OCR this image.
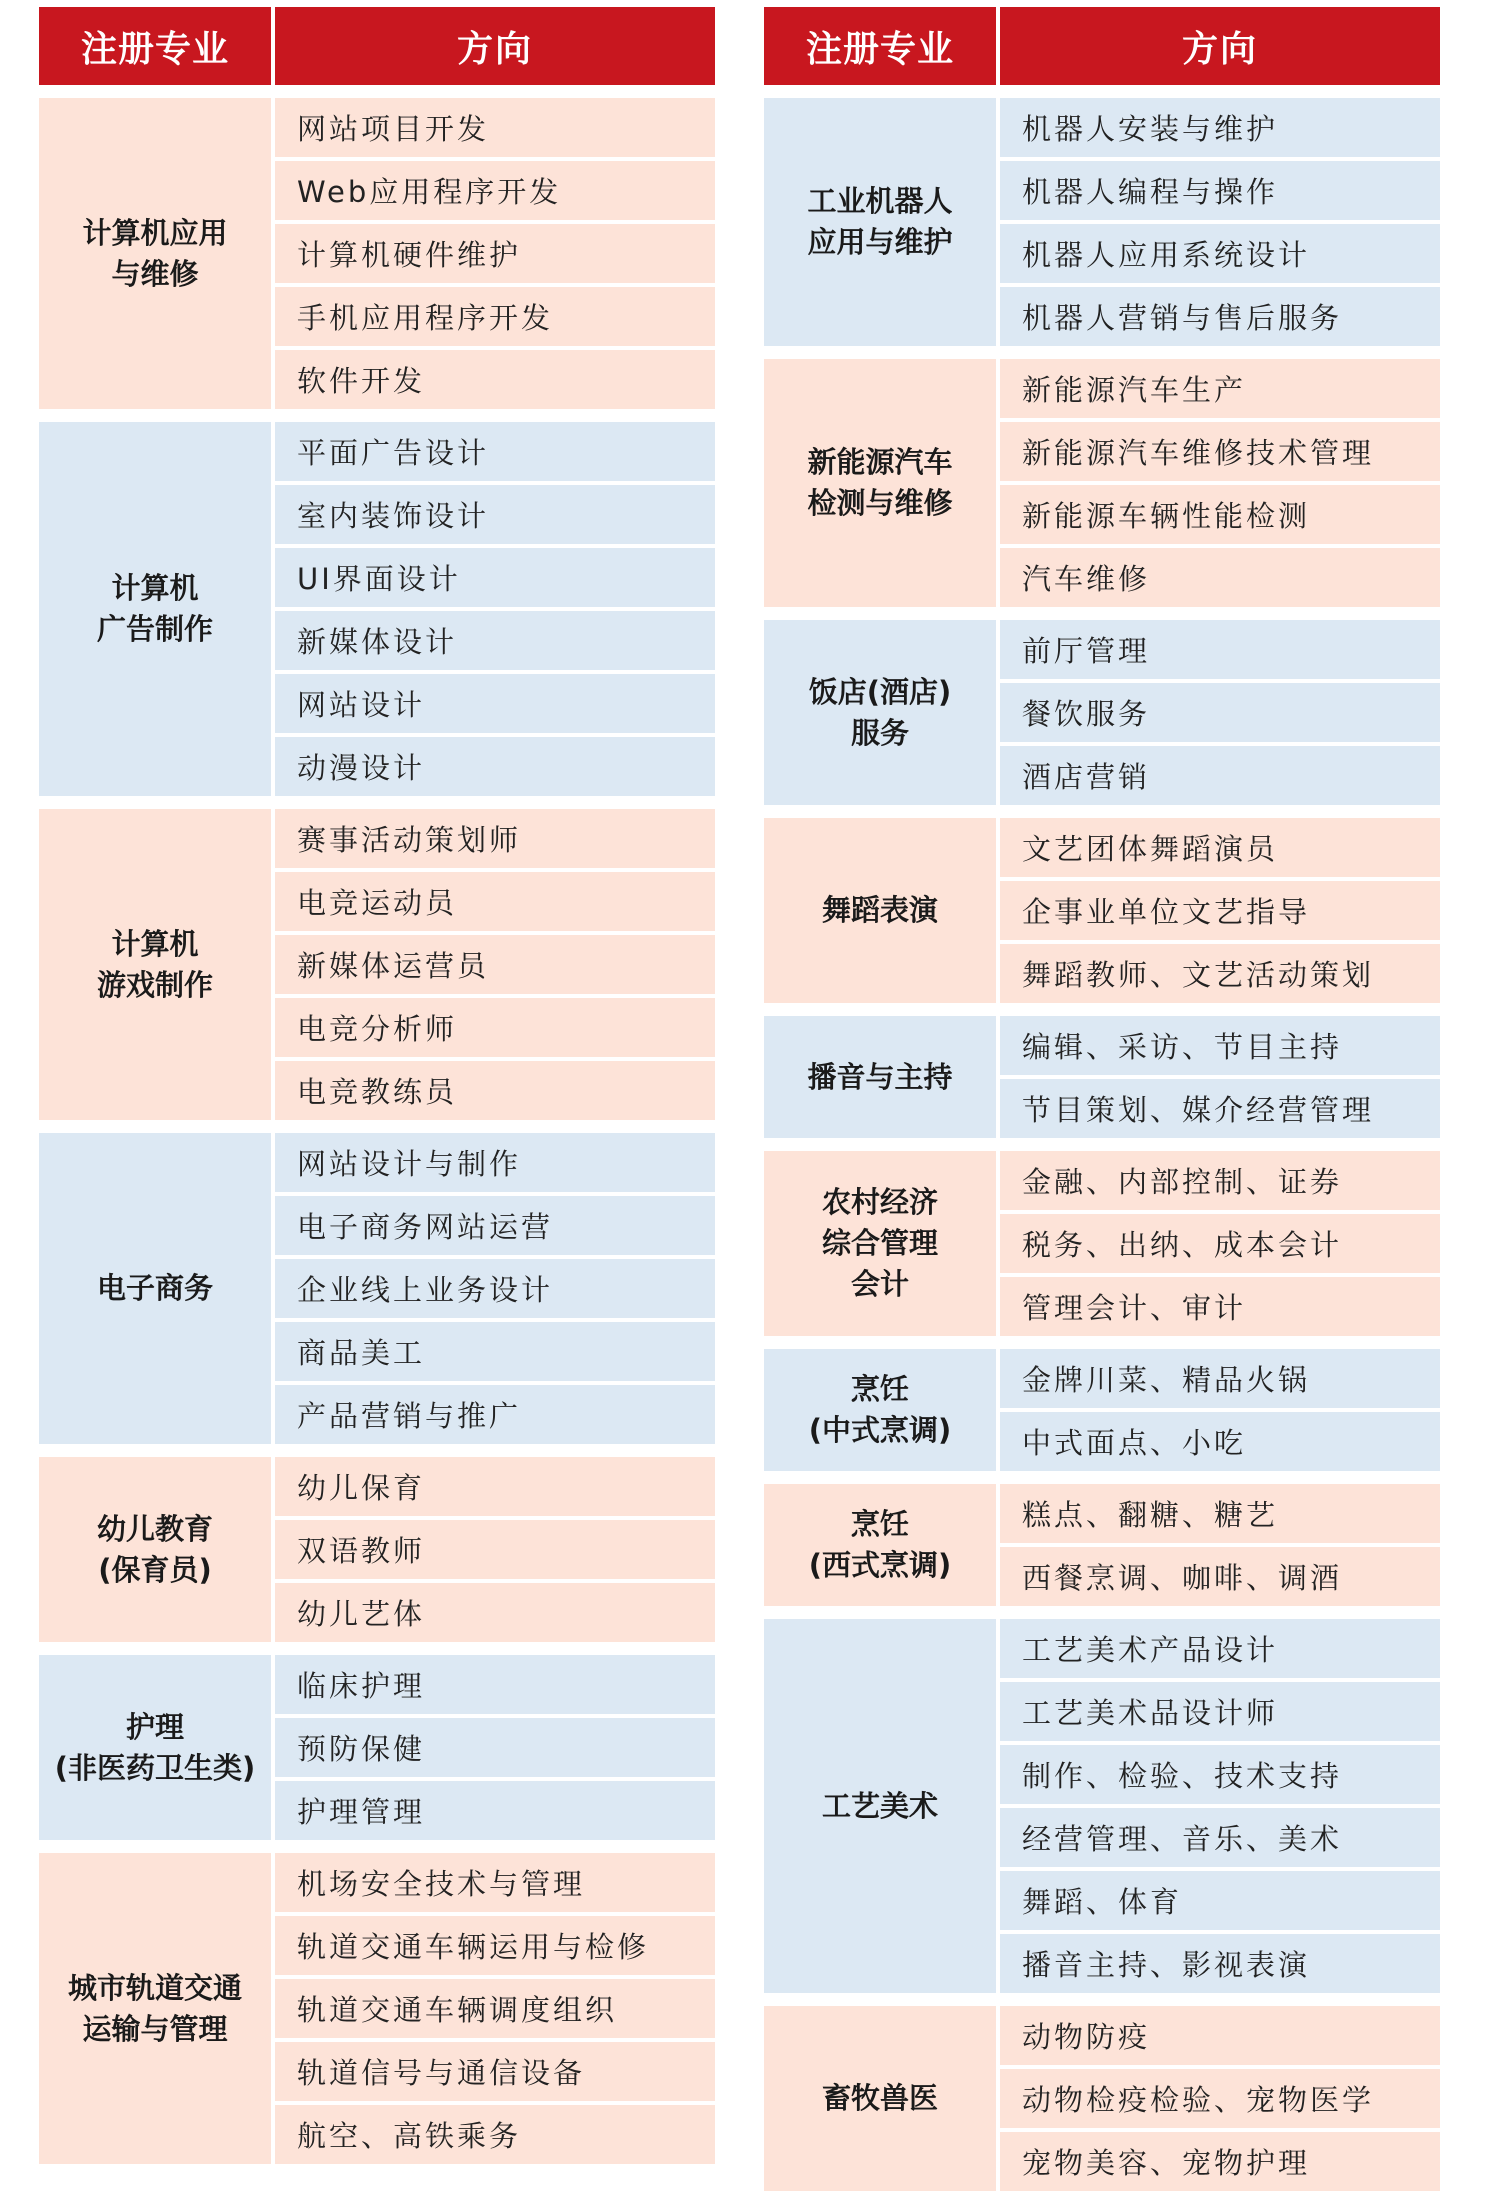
注册专业	方向
计算机应用
与维修
网站项目开发
Web应用程序开发
计算机硬件维护
手机应用程序开发
软件开发
计算机
广告制作
平面广告设计
室内装饰设计
UI界面设计
新媒体设计
网站设计
动漫设计
计算机
游戏制作
赛事活动策划师
电竞运动员
新媒体运营员
电竞分析师
电竞教练员
电子商务
网站设计与制作
电子商务网站运营
企业线上业务设计
商品美工
产品营销与推广
幼儿教育
(保育员)
幼儿保育
双语教师
幼儿艺体
护理
(非医药卫生类)
临床护理
预防保健
护理管理
城市轨道交通
运输与管理
机场安全技术与管理
轨道交通车辆运用与检修
轨道交通车辆调度组织
轨道信号与通信设备
航空、高铁乘务
注册专业	方向
工业机器人
应用与维护
机器人安装与维护
机器人编程与操作
机器人应用系统设计
机器人营销与售后服务
新能源汽车
检测与维修
新能源汽车生产
新能源汽车维修技术管理
新能源车辆性能检测
汽车维修
饭店(酒店)
服务
前厅管理
餐饮服务
酒店营销
舞蹈表演
文艺团体舞蹈演员
企事业单位文艺指导
舞蹈教师、文艺活动策划
播音与主持
编辑、采访、节目主持
节目策划、媒介经营管理
农村经济
综合管理
会计
金融、内部控制、证券
税务、出纳、成本会计
管理会计、审计
烹饪
(中式烹调)
金牌川菜、精品火锅
中式面点、小吃
烹饪
(西式烹调)
糕点、翻糖、糖艺
西餐烹调、咖啡、调酒
工艺美术
工艺美术产品设计
工艺美术品设计师
制作、检验、技术支持
经营管理、音乐、美术
舞蹈、体育
播音主持、影视表演
畜牧兽医
动物防疫
动物检疫检验、宠物医学
宠物美容、宠物护理
